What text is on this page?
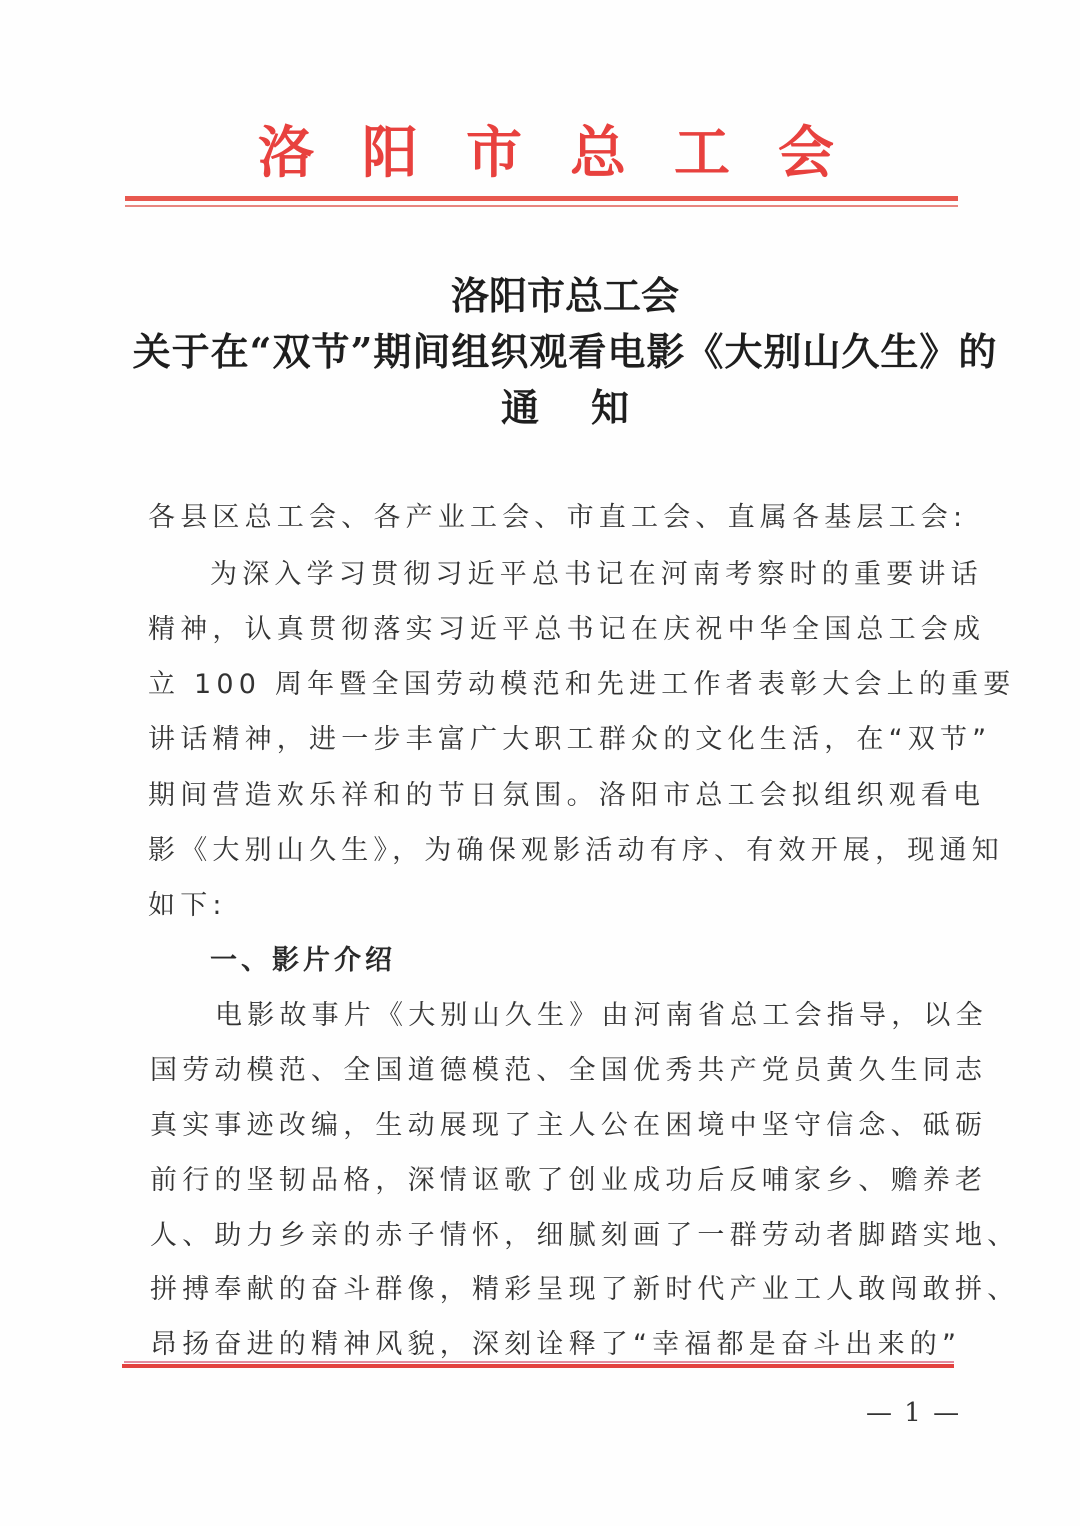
洛 阳 市 总 工 会
洛阳市总工会
关于在“双节”期间组织观看电影《大别山久生》的
通知
各县区总工会、各产业工会、市直工会、直属各基层工会:
为深入学习贯彻习近平总书记在河南考察时的重要讲话
精神，认真贯彻落实习近平总书记在庆祝中华全国总工会成
立 100 周年暨全国劳动模范和先进工作者表彰大会上的重要
讲话精神，进一步丰富广大职工群众的文化生活，在“双节”
期间营造欢乐祥和的节日氛围。洛阳市总工会拟组织观看电
影《大别山久生》，为确保观影活动有序、有效开展，现通知
如下:
一、影片介绍
电影故事片《大别山久生》由河南省总工会指导，以全
国劳动模范、全国道德模范、全国优秀共产党员黄久生同志
真实事迹改编，生动展现了主人公在困境中坚守信念、砥砺
前行的坚韧品格，深情讴歌了创业成功后反哺家乡、赡养老
人、助力乡亲的赤子情怀，细腻刻画了一群劳动者脚踏实地、
拼搏奉献的奋斗群像，精彩呈现了新时代产业工人敢闯敢拼、
昂扬奋进的精神风貌，深刻诠释了“幸福都是奋斗出来的”
— 1 —
